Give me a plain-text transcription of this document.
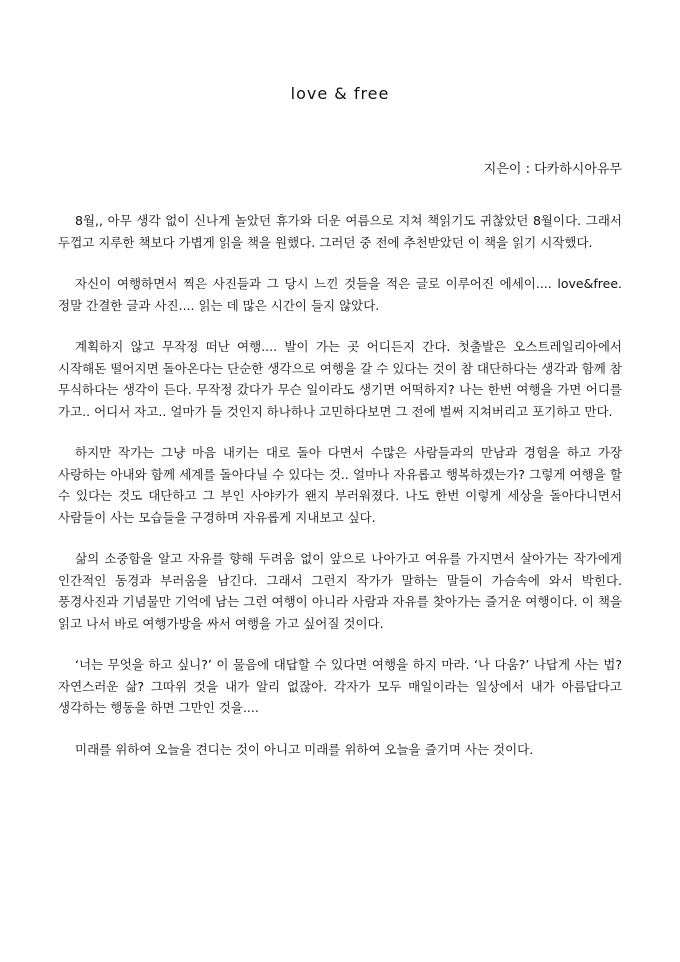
love & free

지은이 : 다카하시아유무

8월,, 아무 생각 없이 신나게 놀았던 휴가와 더운 여름으로 지쳐 책읽기도 귀찮았던 8월이다. 그래서 두껍고 지루한 책보다 가볍게 읽을 책을 원했다. 그러던 중 전에 추천받았던 이 책을 읽기 시작했다.

자신이 여행하면서 찍은 사진들과 그 당시 느낀 것들을 적은 글로 이루어진 에세이.... love&free. 정말 간결한 글과 사진.... 읽는 데 많은 시간이 들지 않았다.

계획하지 않고 무작정 떠난 여행.... 발이 가는 곳 어디든지 간다. 첫출발은 오스트레일리아에서 시작해돈 떨어지면 돌아온다는 단순한 생각으로 여행을 갈 수 있다는 것이 참 대단하다는 생각과 함께 참 무식하다는 생각이 든다. 무작정 갔다가 무슨 일이라도 생기면 어떡하지? 나는 한번 여행을 가면 어디를 가고.. 어디서 자고.. 얼마가 들 것인지 하나하나 고민하다보면 그 전에 벌써 지쳐버리고 포기하고 만다.

하지만 작가는 그냥 마음 내키는 대로 돌아 다면서 수많은 사람들과의 만남과 경험을 하고 가장 사랑하는 아내와 함께 세계를 돌아다닐 수 있다는 것.. 얼마나 자유롭고 행복하겠는가? 그렇게 여행을 할 수 있다는 것도 대단하고 그 부인 사야카가 왠지 부러워졌다. 나도 한번 이렇게 세상을 돌아다니면서 사람들이 사는 모습들을 구경하며 자유롭게 지내보고 싶다.

삶의 소중함을 알고 자유를 향해 두려움 없이 앞으로 나아가고 여유를 가지면서 살아가는 작가에게 인간적인 동경과 부러움을 남긴다. 그래서 그런지 작가가 말하는 말들이 가슴속에 와서 박힌다. 풍경사진과 기념물만 기억에 남는 그런 여행이 아니라 사람과 자유를 찾아가는 즐거운 여행이다. 이 책을 읽고 나서 바로 여행가방을 싸서 여행을 가고 싶어질 것이다.

‘너는 무엇을 하고 싶니?’ 이 물음에 대답할 수 있다면 여행을 하지 마라. ‘나 다움?’ 나답게 사는 법? 자연스러운 삶? 그따위 것을 내가 알리 없잖아. 각자가 모두 매일이라는 일상에서 내가 아름답다고 생각하는 행동을 하면 그만인 것을....

미래를 위하여 오늘을 견디는 것이 아니고 미래를 위하여 오늘을 즐기며 사는 것이다.
